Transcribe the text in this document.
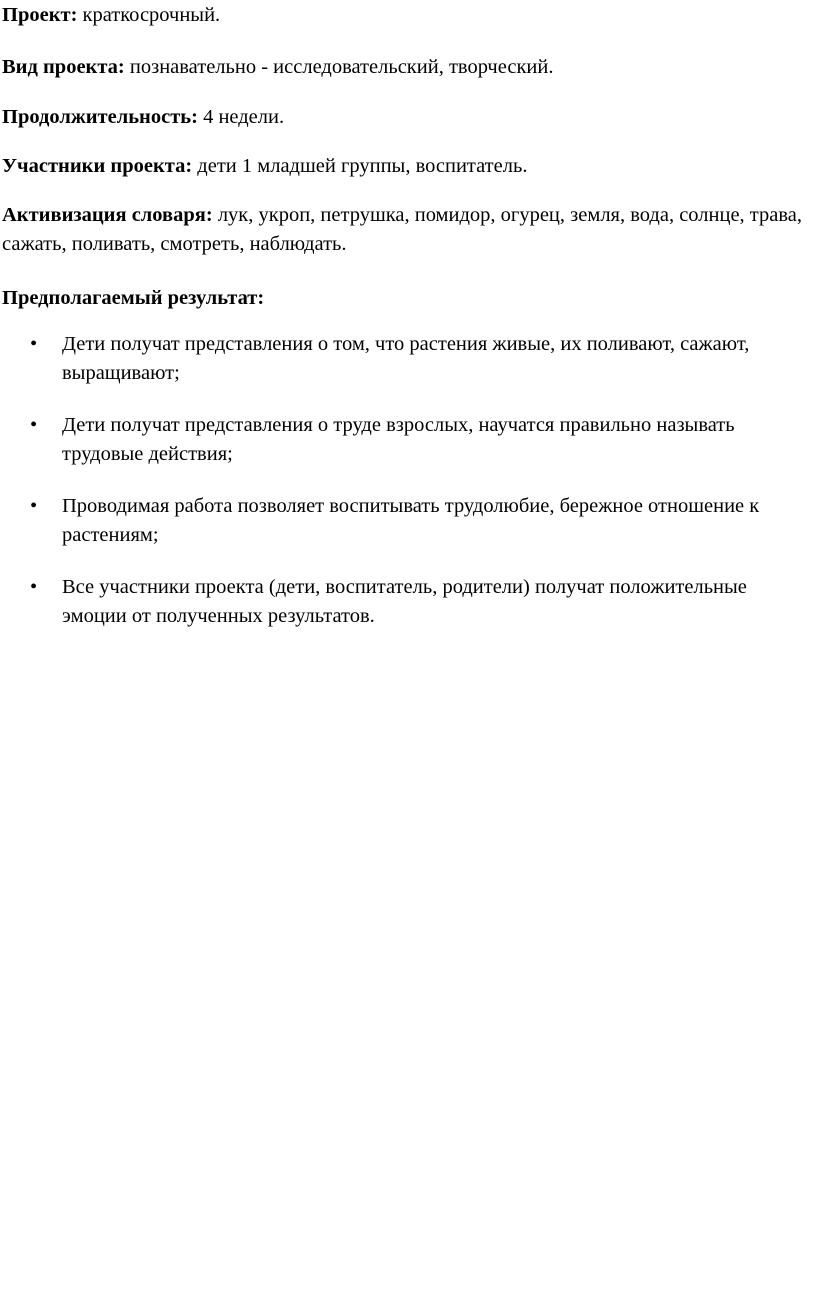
Проект: краткосрочный.

Вид проекта: познавательно - исследовательский, творческий.

Продолжительность: 4 недели.

Участники проекта: дети 1 младшей группы, воспитатель.

Активизация словаря: лук, укроп, петрушка, помидор, огурец, земля, вода, солнце, трава, сажать, поливать, смотреть, наблюдать.

Предполагаемый результат:

• Дети получат представления о том, что растения живые, их поливают, сажают, выращивают;
• Дети получат представления о труде взрослых, научатся правильно называть трудовые действия;
• Проводимая работа позволяет воспитывать трудолюбие, бережное отношение к растениям;
• Все участники проекта (дети, воспитатель, родители) получат положительные эмоции от полученных результатов.
